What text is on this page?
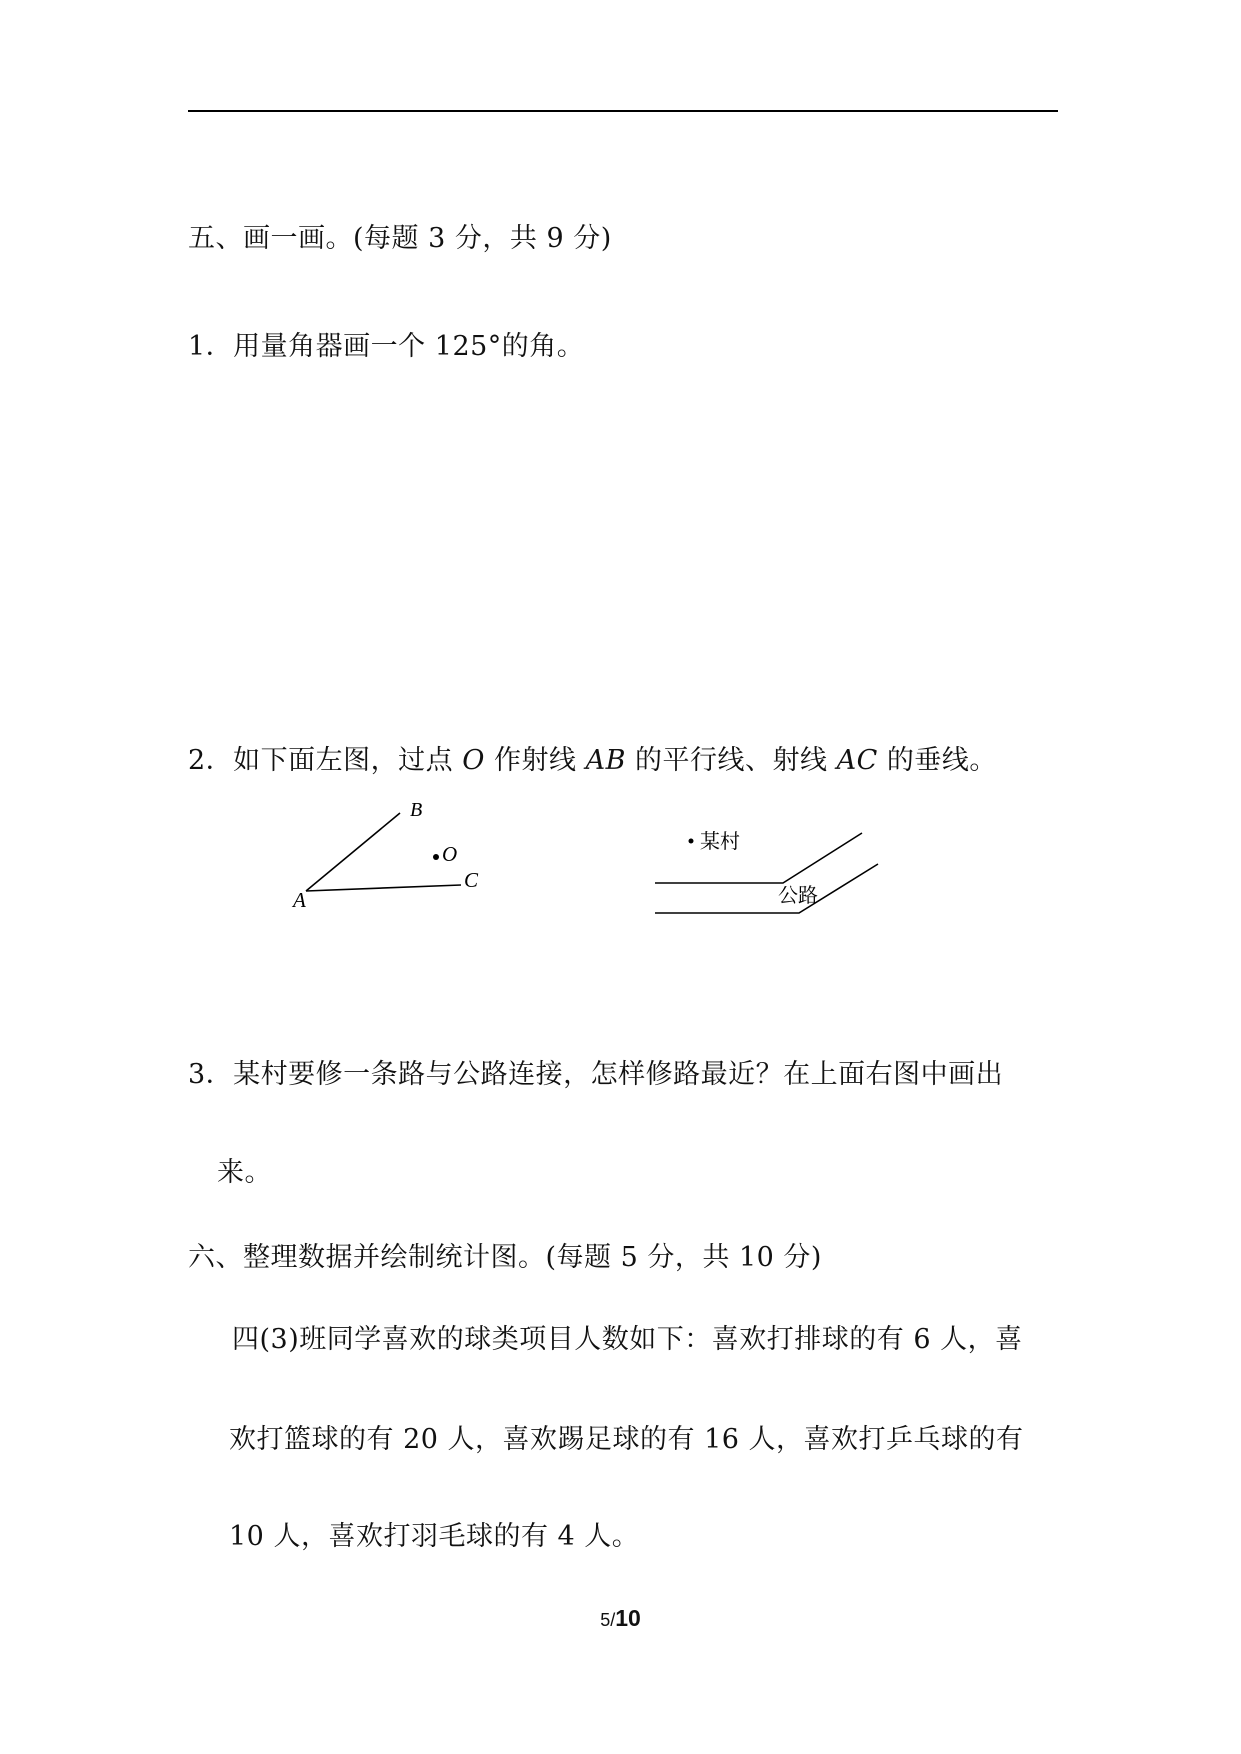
五、画一画。(每题 3 分，共 9 分)
1．用量角器画一个 125°的角。
2．如下面左图，过点 O 作射线 AB 的平行线、射线 AC 的垂线。
B
O
C
A
某村
公路
3．某村要修一条路与公路连接，怎样修路最近？在上面右图中画出
来。
六、整理数据并绘制统计图。(每题 5 分，共 10 分)
四(3)班同学喜欢的球类项目人数如下：喜欢打排球的有 6 人，喜
欢打篮球的有 20 人，喜欢踢足球的有 16 人，喜欢打乒乓球的有
10 人，喜欢打羽毛球的有 4 人。
5/10
